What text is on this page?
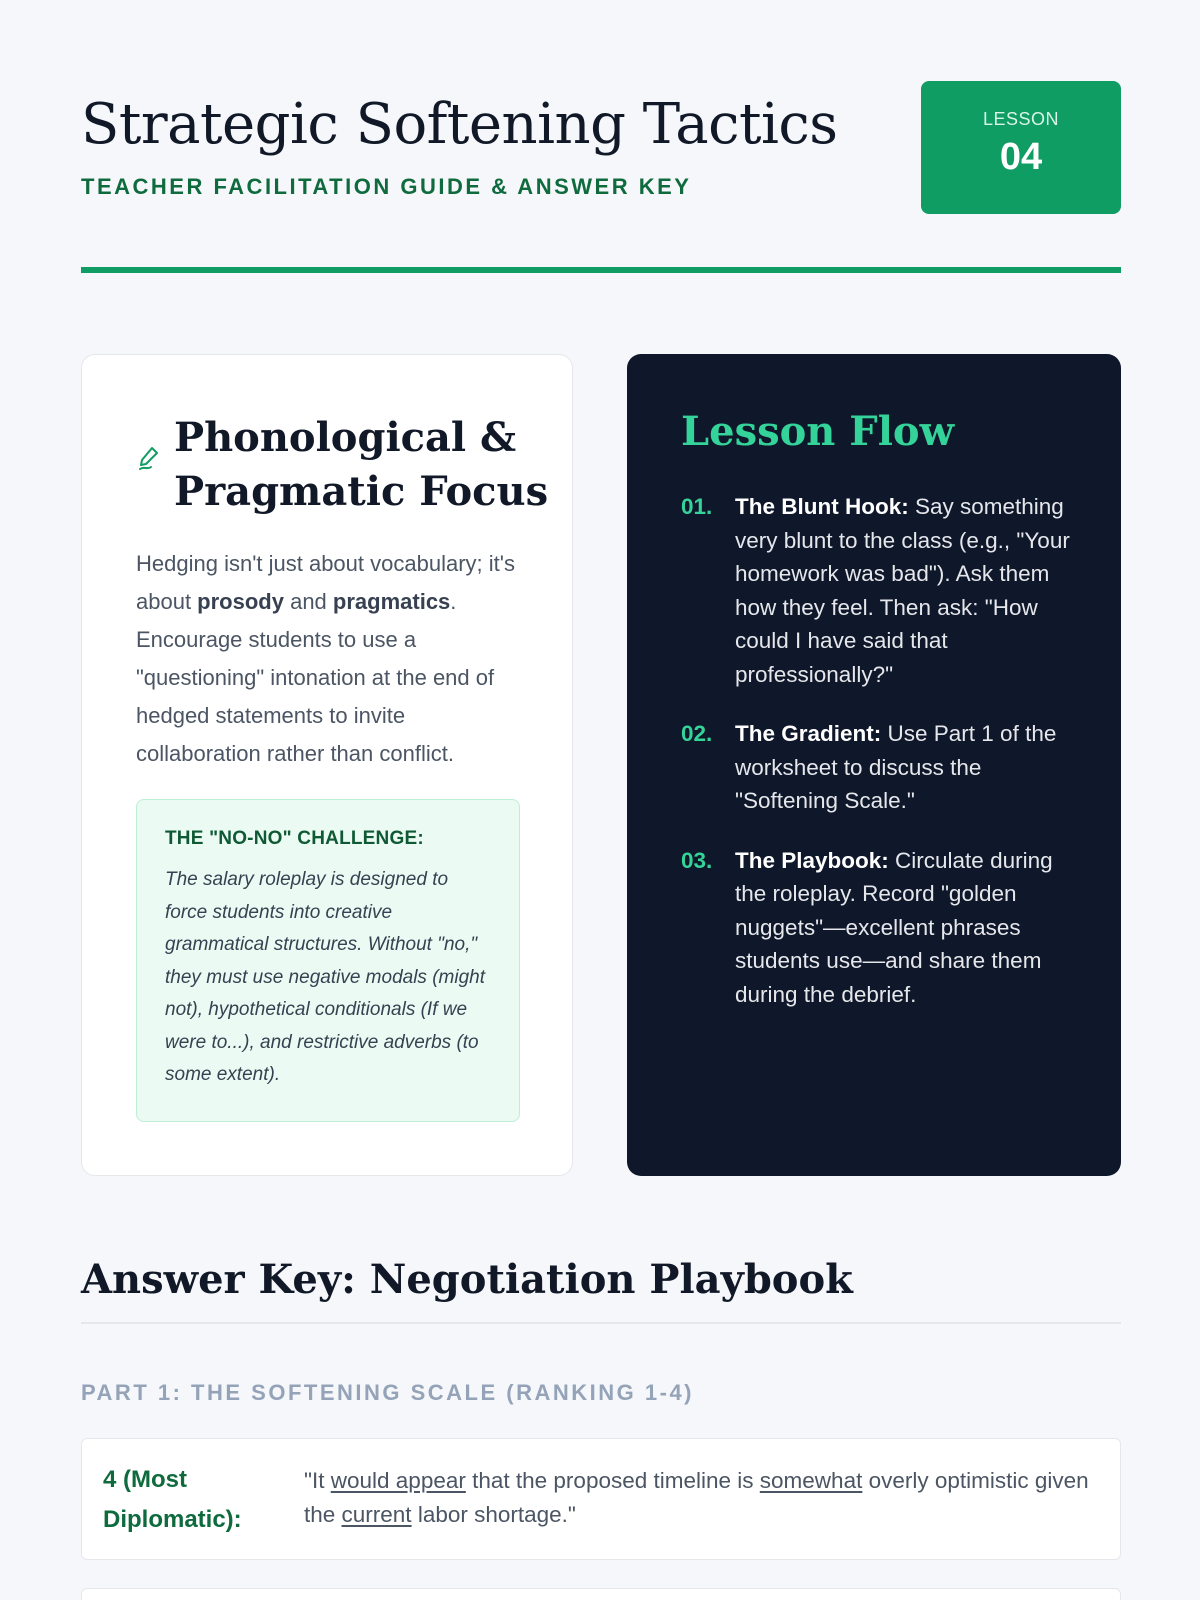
Strategic Softening Tactics
TEACHER FACILITATION GUIDE & ANSWER KEY
LESSON
04
Phonological &
Pragmatic Focus

Hedging isn't just about vocabulary; it's about prosody and pragmatics. Encourage students to use a "questioning" intonation at the end of hedged statements to invite collaboration rather than conflict.

THE "NO-NO" CHALLENGE:

The salary roleplay is designed to force students into creative grammatical structures. Without "no," they must use negative modals (might not), hypothetical conditionals (If we were to...), and restrictive adverbs (to some extent).

Lesson Flow
01. The Blunt Hook: Say something very blunt to the class (e.g., "Your homework was bad"). Ask them how they feel. Then ask: "How could I have said that professionally?"
02. The Gradient: Use Part 1 of the worksheet to discuss the "Softening Scale."
03. The Playbook: Circulate during the roleplay. Record "golden nuggets"—excellent phrases students use—and share them during the debrief.
Answer Key: Negotiation Playbook
PART 1: THE SOFTENING SCALE (RANKING 1-4)
4 (Most Diplomatic):

"It would appear that the proposed timeline is somewhat overly optimistic given the current labor shortage."
